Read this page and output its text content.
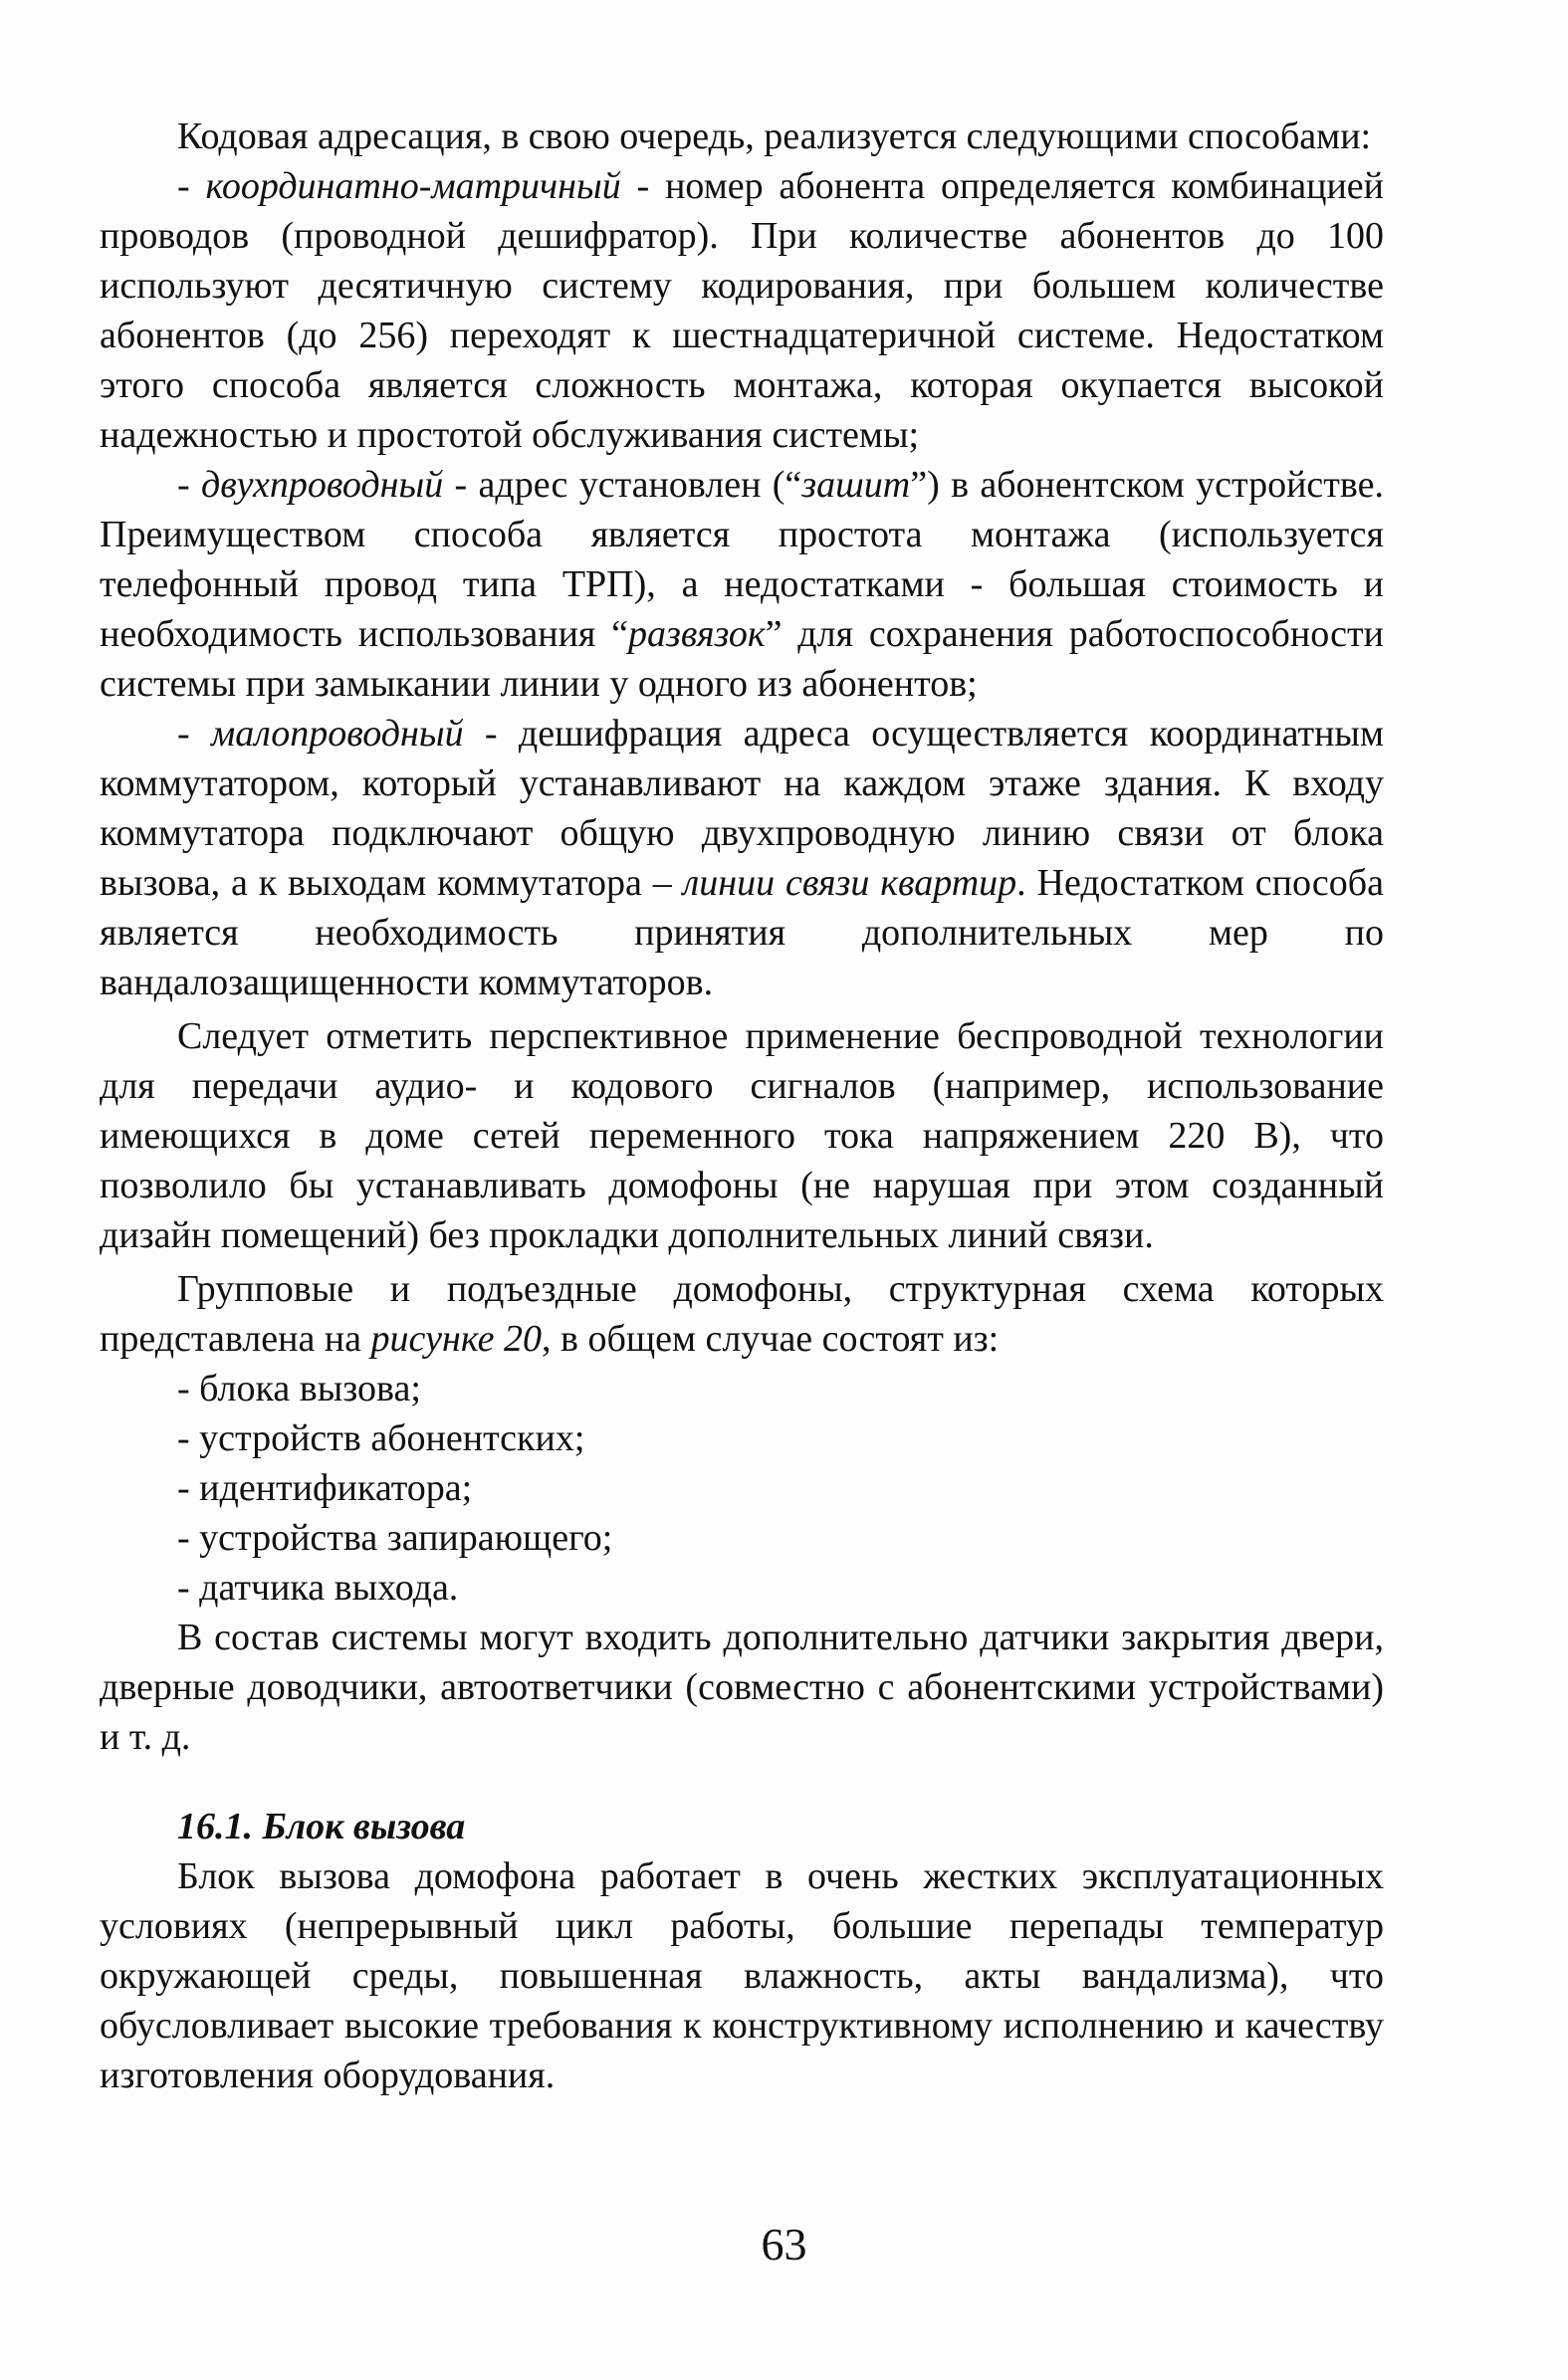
Кодовая адресация, в свою очередь, реализуется следующими способами:

- координатно-матричный - номер абонента определяется комбинацией проводов (проводной дешифратор). При количестве абонентов до 100 используют десятичную систему кодирования, при большем количестве абонентов (до 256) переходят к шестнадцатеричной системе. Недостатком этого способа является сложность монтажа, которая окупается высокой надежностью и простотой обслуживания системы;

- двухпроводный - адрес установлен (“зашит”) в абонентском устройстве. Преимуществом способа является простота монтажа (используется телефонный провод типа ТРП), а недостатками - большая стоимость и необходимость использования “развязок” для сохранения работоспособности системы при замыкании линии у одного из абонентов;

- малопроводный - дешифрация адреса осуществляется координатным коммутатором, который устанавливают на каждом этаже здания. К входу коммутатора подключают общую двухпроводную линию связи от блока вызова, а к выходам коммутатора – линии связи квартир. Недостатком способа является необходимость принятия дополнительных мер по вандалозащищенности коммутаторов.

Следует отметить перспективное применение беспроводной технологии для передачи аудио- и кодового сигналов (например, использование имеющихся в доме сетей переменного тока напряжением 220 В), что позволило бы устанавливать домофоны (не нарушая при этом созданный дизайн помещений) без прокладки дополнительных линий связи.

Групповые и подъездные домофоны, структурная схема которых представлена на рисунке 20, в общем случае состоят из:

- блока вызова;
- устройств абонентских;
- идентификатора;
- устройства запирающего;
- датчика выхода.

В состав системы могут входить дополнительно датчики закрытия двери, дверные доводчики, автоответчики (совместно с абонентскими устройствами) и т. д.

16.1. Блок вызова

Блок вызова домофона работает в очень жестких эксплуатационных условиях (непрерывный цикл работы, большие перепады температур окружающей среды, повышенная влажность, акты вандализма), что обусловливает высокие требования к конструктивному исполнению и качеству изготовления оборудования.

63
